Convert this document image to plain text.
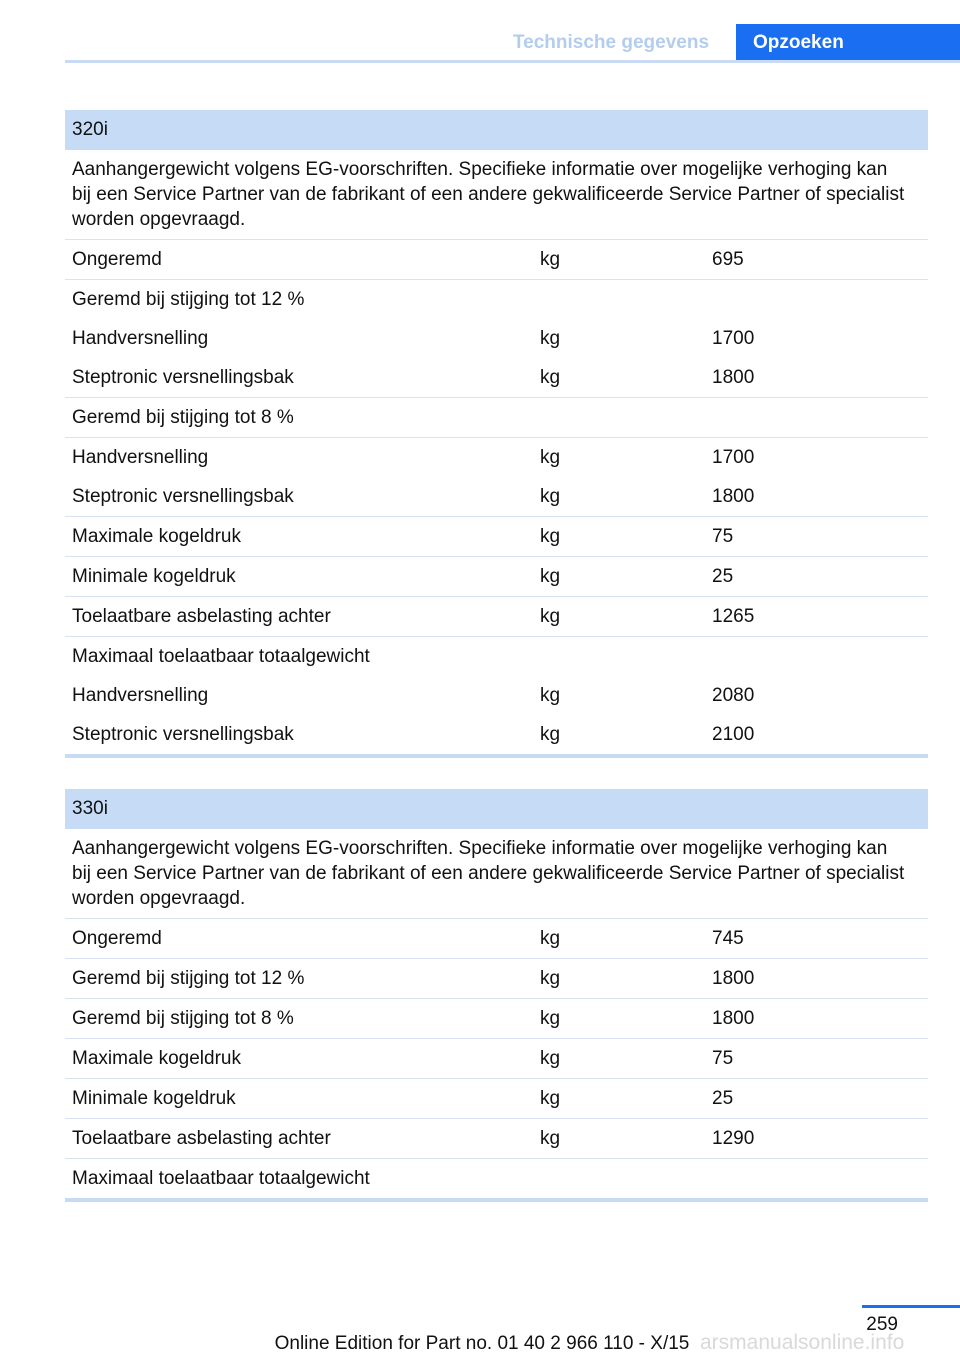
Technische gegevens	Opzoeken
320i
Aanhangergewicht volgens EG-voorschriften. Specifieke informatie over mogelijke verhoging kan bij een Service Partner van de fabrikant of een andere gekwalificeerde Service Partner of specialist worden opgevraagd.
Ongeremd	kg	695
Geremd bij stijging tot 12 %
Handversnelling	kg	1700
Steptronic versnellingsbak	kg	1800
Geremd bij stijging tot 8 %
Handversnelling	kg	1700
Steptronic versnellingsbak	kg	1800
Maximale kogeldruk	kg	75
Minimale kogeldruk	kg	25
Toelaatbare asbelasting achter	kg	1265
Maximaal toelaatbaar totaalgewicht
Handversnelling	kg	2080
Steptronic versnellingsbak	kg	2100
330i
Aanhangergewicht volgens EG-voorschriften. Specifieke informatie over mogelijke verhoging kan bij een Service Partner van de fabrikant of een andere gekwalificeerde Service Partner of specialist worden opgevraagd.
Ongeremd	kg	745
Geremd bij stijging tot 12 %	kg	1800
Geremd bij stijging tot 8 %	kg	1800
Maximale kogeldruk	kg	75
Minimale kogeldruk	kg	25
Toelaatbare asbelasting achter	kg	1290
Maximaal toelaatbaar totaalgewicht
259
Online Edition for Part no. 01 40 2 966 110 - X/15 arsmanualsonline.info
